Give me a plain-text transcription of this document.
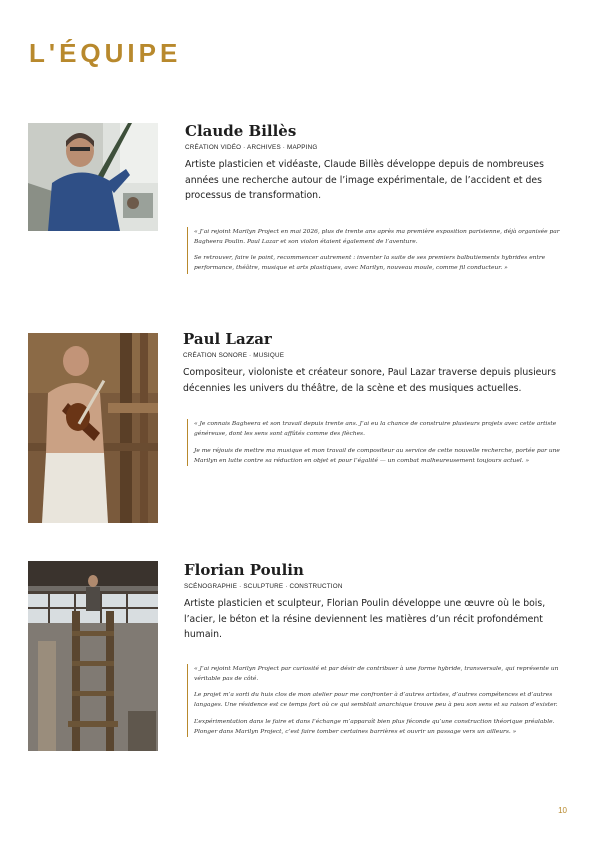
L'ÉQUIPE
Claude Billès

CRÉATION VIDÉO · ARCHIVES · MAPPING

Artiste plasticien et vidéaste, Claude Billès développe depuis de nombreuses années une recherche autour de l’image expérimentale, de l’accident et des processus de transformation.

« J’ai rejoint Marilyn Project en mai 2026, plus de trente ans après ma première exposition parisienne, déjà organisée par Bagheera Poulin. Paul Lazar et son violon étaient également de l’aventure.

Se retrouver, faire le point, recommencer autrement : inventer la suite de ses premiers balbutiements hybrides entre performance, théâtre, musique et arts plastiques, avec Marilyn, nouveau moule, comme fil conducteur. »

Paul Lazar

CRÉATION SONORE · MUSIQUE

Compositeur, violoniste et créateur sonore, Paul Lazar traverse depuis plusieurs décennies les univers du théâtre, de la scène et des musiques actuelles.

« Je connais Bagheera et son travail depuis trente ans. J’ai eu la chance de construire plusieurs projets avec cette artiste généreuse, dont les sens sont affûtés comme des flèches.

Je me réjouis de mettre ma musique et mon travail de compositeur au service de cette nouvelle recherche, portée par une Marilyn en lutte contre sa réduction en objet et pour l’égalité — un combat malheureusement toujours actuel. »

Florian Poulin

SCÉNOGRAPHIE · SCULPTURE · CONSTRUCTION

Artiste plasticien et sculpteur, Florian Poulin développe une œuvre où le bois, l’acier, le béton et la résine deviennent les matières d’un récit profondément humain.

« J’ai rejoint Marilyn Project par curiosité et par désir de contribuer à une forme hybride, transversale, qui représente un véritable pas de côté.

Le projet m’a sorti du huis clos de mon atelier pour me confronter à d’autres artistes, d’autres compétences et d’autres langages. Une résidence est ce temps fort où ce qui semblait anarchique trouve peu à peu son sens et sa raison d’exister.

L’expérimentation dans le faire et dans l’échange m’apparaît bien plus féconde qu’une construction théorique préalable. Plonger dans Marilyn Project, c’est faire tomber certaines barrières et ouvrir un passage vers un ailleurs. »

10
